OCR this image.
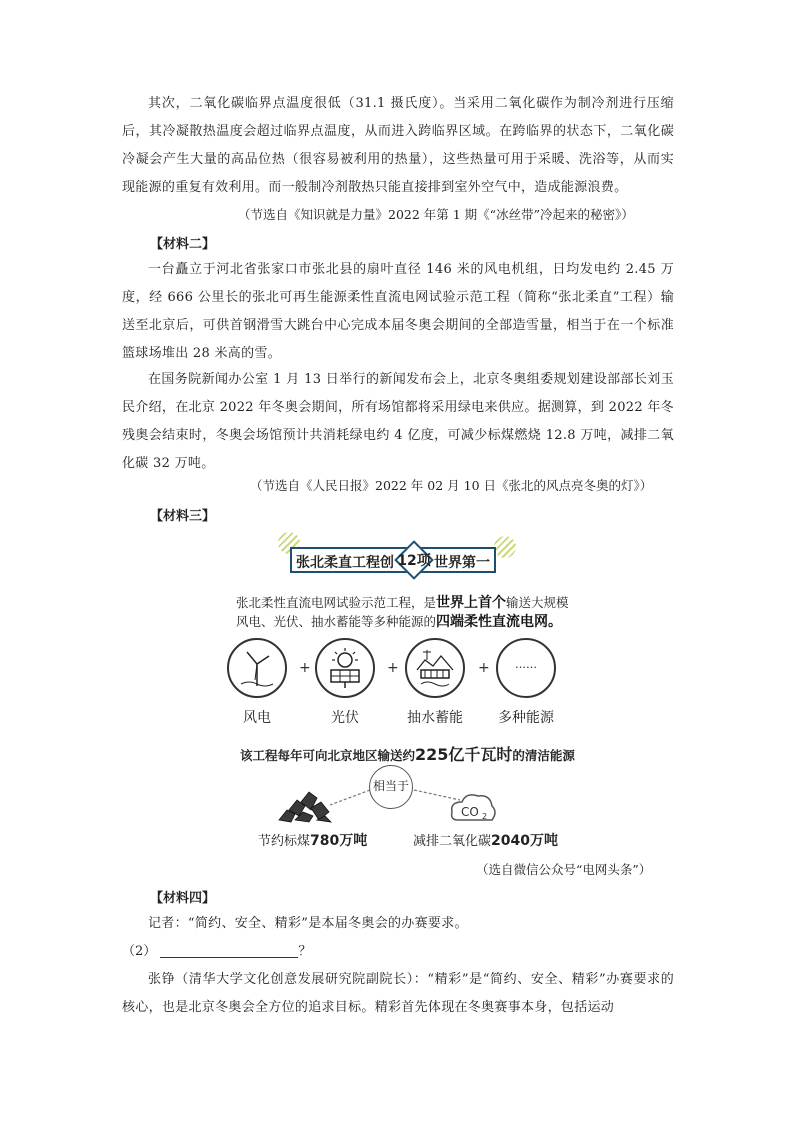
其次，二氧化碳临界点温度很低（31.1 摄氏度）。当采用二氧化碳作为制冷剂进行压缩后，其冷凝散热温度会超过临界点温度，从而进入跨临界区域。在跨临界的状态下，二氧化碳冷凝会产生大量的高品位热（很容易被利用的热量），这些热量可用于采暖、洗浴等，从而实现能源的重复有效利用。而一般制冷剂散热只能直接排到室外空气中，造成能源浪费。
（节选自《知识就是力量》2022 年第 1 期《“冰丝带”冷起来的秘密》）
【材料二】
一台矗立于河北省张家口市张北县的扇叶直径 146 米的风电机组，日均发电约 2.45 万度，经 666 公里长的张北可再生能源柔性直流电网试验示范工程（简称“张北柔直”工程）输送至北京后，可供首钢滑雪大跳台中心完成本届冬奥会期间的全部造雪量，相当于在一个标准篮球场堆出 28 米高的雪。
在国务院新闻办公室 1 月 13 日举行的新闻发布会上，北京冬奥组委规划建设部部长刘玉民介绍，在北京 2022 年冬奥会期间，所有场馆都将采用绿电来供应。据测算，到 2022 年冬残奥会结束时，冬奥会场馆预计共消耗绿电约 4 亿度，可减少标煤燃烧 12.8 万吨，减排二氧化碳 32 万吨。
（节选自《人民日报》2022 年 02 月 10 日《张北的风点亮冬奥的灯》）
【材料三】
张北柔直工程创	世界第一
12项
张北柔性直流电网试验示范工程，是世界上首个输送大规模
风电、光伏、抽水蓄能等多种能源的四端柔性直流电网。
+	+	+	……
风电	光伏	抽水蓄能	多种能源
该工程每年可向北京地区输送约225亿千瓦时的清洁能源
相当于
CO 2
节约标煤780万吨	减排二氧化碳2040万吨
（选自微信公众号“电网头条”）
【材料四】
记者：“简约、安全、精彩”是本届冬奥会的办赛要求。
（2）	？
张铮（清华大学文化创意发展研究院副院长）：“精彩”是“简约、安全、精彩”办赛要求的核心，也是北京冬奥会全方位的追求目标。精彩首先体现在冬奥赛事本身，包括运动
